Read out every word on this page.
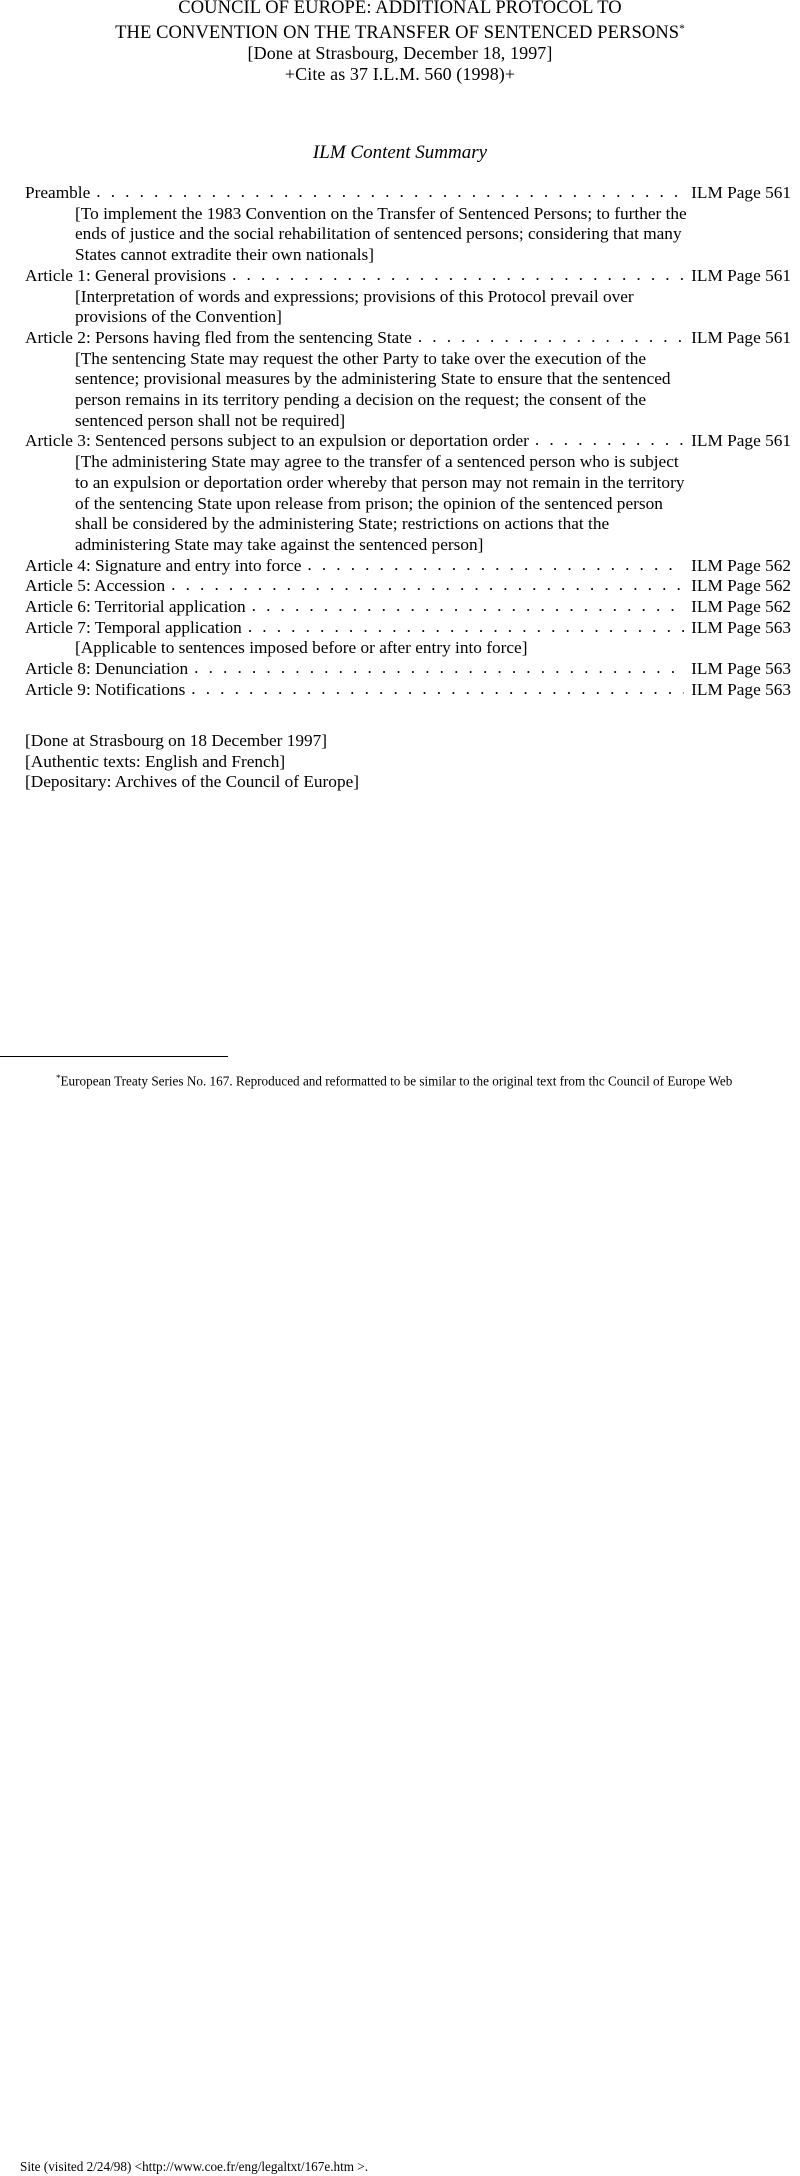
COUNCIL OF EUROPE: ADDITIONAL PROTOCOL TO
THE CONVENTION ON THE TRANSFER OF SENTENCED PERSONS*
[Done at Strasbourg, December 18, 1997]
+Cite as 37 I.L.M. 560 (1998)+
ILM Content Summary
Preamble . . .	ILM Page 561
[To implement the 1983 Convention on the Transfer of Sentenced Persons; to further the
ends of justice and the social rehabilitation of sentenced persons; considering that many
States cannot extradite their own nationals]
Article 1: General provisions . . .	ILM Page 561
[Interpretation of words and expressions; provisions of this Protocol prevail over
provisions of the Convention]
Article 2: Persons having fled from the sentencing State . . .	ILM Page 561
[The sentencing State may request the other Party to take over the execution of the
sentence; provisional measures by the administering State to ensure that the sentenced
person remains in its territory pending a decision on the request; the consent of the
sentenced person shall not be required]
Article 3: Sentenced persons subject to an expulsion or deportation order . . .	ILM Page 561
[The administering State may agree to the transfer of a sentenced person who is subject
to an expulsion or deportation order whereby that person may not remain in the territory
of the sentencing State upon release from prison; the opinion of the sentenced person
shall be considered by the administering State; restrictions on actions that the
administering State may take against the sentenced person]
Article 4: Signature and entry into force . . .	ILM Page 562
Article 5: Accession . . .	ILM Page 562
Article 6: Territorial application . . .	ILM Page 562
Article 7: Temporal application . . .	ILM Page 563
[Applicable to sentences imposed before or after entry into force]
Article 8: Denunciation . . .	ILM Page 563
Article 9: Notifications . . .	ILM Page 563
[Done at Strasbourg on 18 December 1997]
[Authentic texts: English and French]
[Depositary: Archives of the Council of Europe]
*European Treaty Series No. 167. Reproduced and reformatted to be similar to the original text from thc Council of Europe Web
Site (visited 2/24/98) <http://www.coe.fr/eng/legaltxt/167e.htm >.
